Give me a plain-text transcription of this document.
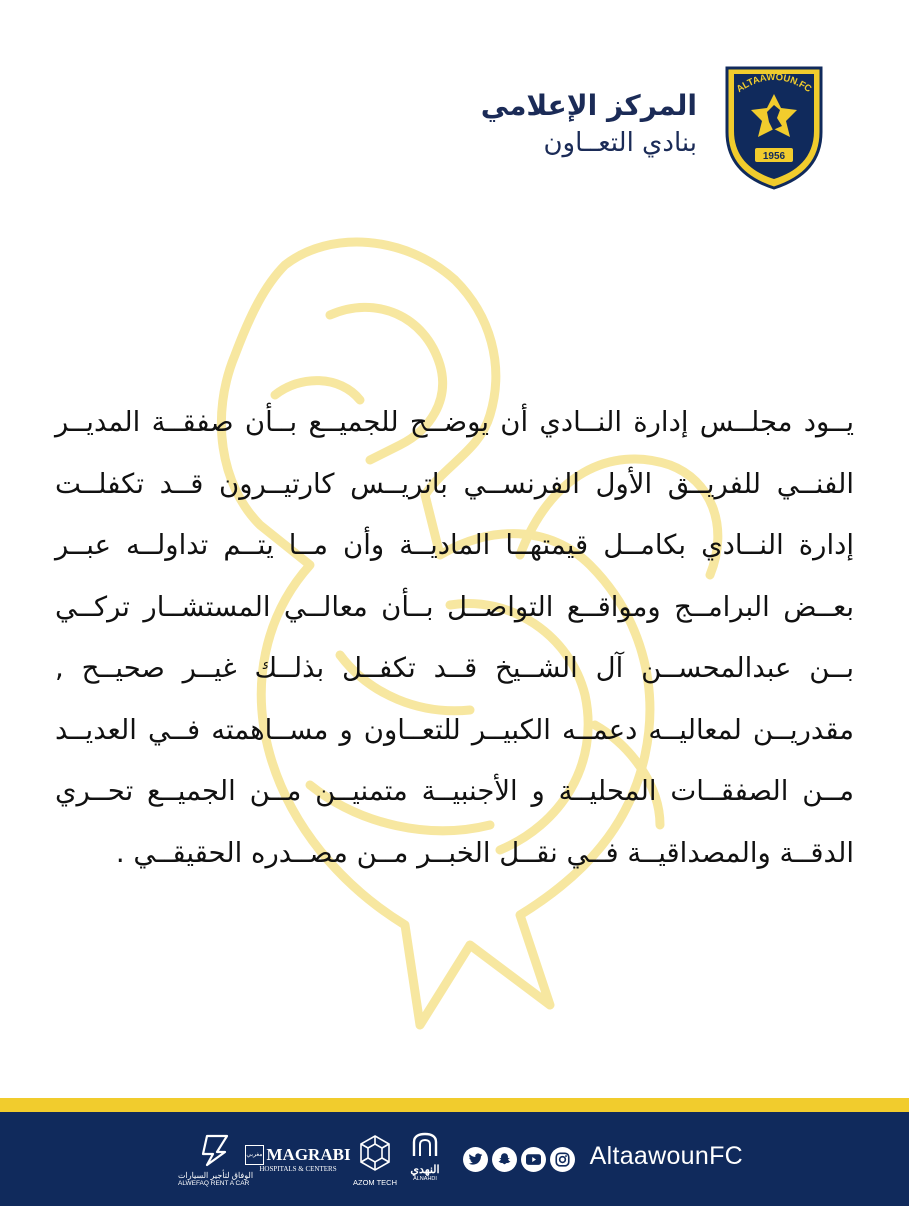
ALTAAWOUN.FC
1956
المركز الإعلامي
بنادي التعــاون
يــود مجلــس إدارة النــادي أن يوضــح للجميــع بــأن صفقــة المديــر الفنــي للفريــق الأول الفرنســي باتريــس كارتيــرون قــد تكفلــت إدارة النــادي بكامــل قيمتهــا الماديــة وأن مــا يتــم تداولــه عبــر بعــض البرامــج ومواقــع التواصــل بــأن معالــي المستشــار تركــي بــن عبدالمحســن آل الشــيخ قــد تكفــل بذلــك غيــر صحيــح , مقدريــن لمعاليــه دعمــه الكبيــر للتعــاون و مســاهمته فــي العديــد مــن الصفقــات المحليــة و الأجنبيــة متمنيــن مــن الجميــع تحــري الدقــة والمصداقيــة فــي نقــل الخبــر مــن مصــدره الحقيقــي .
AltaawounFC
الوفاق لتأجير السيارات
ALWEFAQ RENT A CAR
مغربي MAGRABI
HOSPITALS & CENTERS
AZOM TECH
النهدي
ALNAHDI
